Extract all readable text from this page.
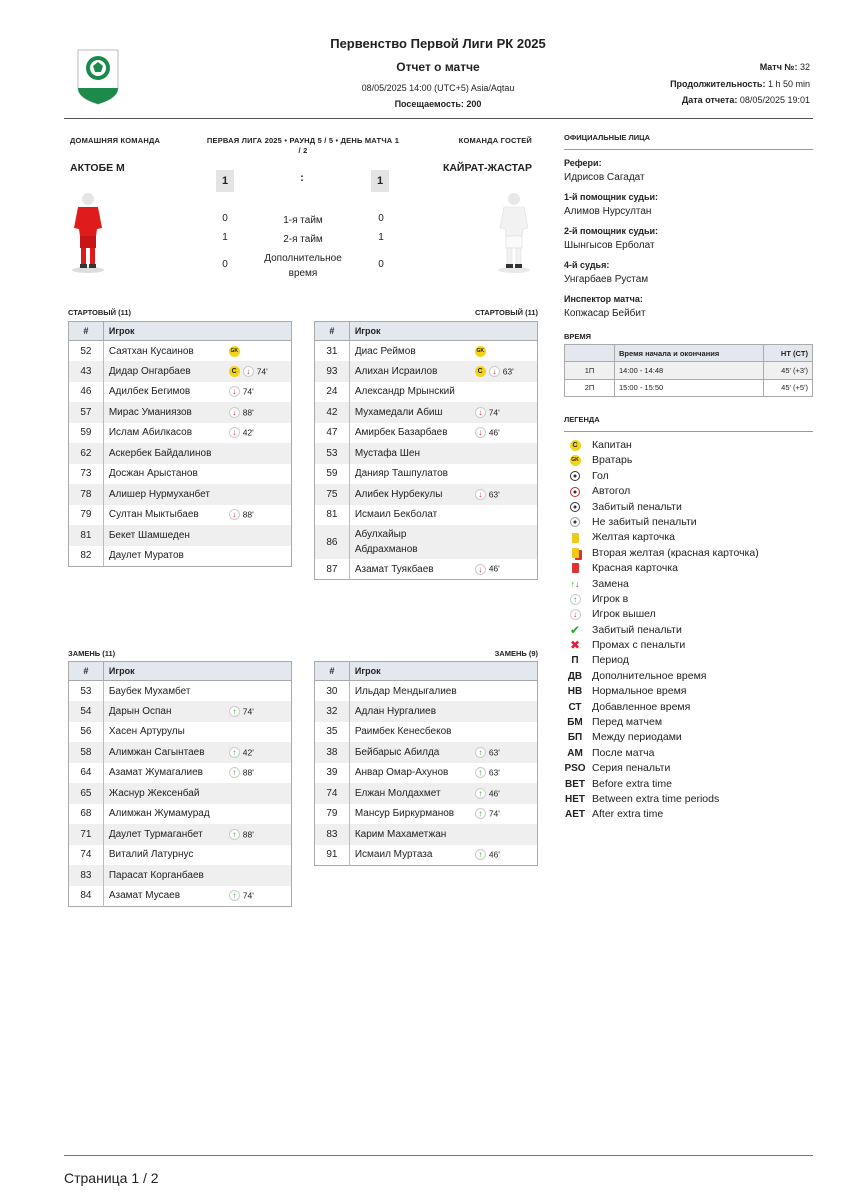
Первенство Первой Лиги РК 2025
Отчет о матче
08/05/2025 14:00 (UTC+5) Asia/Aqtau
Посещаемость: 200
Матч №: 32
Продолжительность: 1 h 50 min
Дата отчета: 08/05/2025 19:01
ДОМАШНЯЯ КОМАНДА	ПЕРВАЯ ЛИГА 2025 • РАУНД 5 / 5 • ДЕНЬ МАТЧА 1 / 2
КОМАНДА ГОСТЕЙ
АКТОБЕ М	КАЙРАТ-ЖАСТАР
1	:	1
0	1-я тайм	0
1	2-я тайм	1
0
Дополнительное время
0
СТАРТОВЫЙ (11)	СТАРТОВЫЙ (11)
#	Игрок	
52	Саятхан Кусаинов	GK
43	Дидар Онгарбаев	C ↓ 74'
46	Адилбек Бегимов	↓ 74'
57	Мирас Уманиязов	↓ 88'
59	Ислам Абилкасов	↓ 42'
62	Аскербек Байдалинов	
73	Досжан Арыстанов	
78	Алишер Нурмуханбет	
79	Султан Мыктыбаев	↓ 88'
81	Бекет Шамшеден	
82	Даулет Муратов	
#	Игрок	
31	Диас Реймов	GK
93	Алихан Исраилов	C ↓ 63'
24	Александр Мрынский	
42	Мухамедали Абиш	↓ 74'
47	Амирбек Базарбаев	↓ 46'
53	Мустафа Шен	
59	Данияр Ташпулатов	
75	Алибек Нурбекулы	↓ 63'
81	Исмаил Бекболат	
86	Абулхайыр Абдрахманов	
87	Азамат Туякбаев	↓ 46'
ЗАМЕНЬ (11)	ЗАМЕНЬ (9)
#	Игрок	
53	Баубек Мухамбет	
54	Дарын Оспан	↑ 74'
56	Хасен Артурулы	
58	Алимжан Сагынтаев	↑ 42'
64	Азамат Жумагалиев	↑ 88'
65	Жаснур Жексенбай	
68	Алимжан Жумамурад	
71	Даулет Турмаганбет	↑ 88'
74	Виталий Латурнус	
83	Парасат Корганбаев	
84	Азамат Мусаев	↑ 74'
#	Игрок	
30	Ильдар Мендыгалиев	
32	Адлан Нургалиев	
35	Раимбек Кенесбеков	
38	Бейбарыс Абилда	↑ 63'
39	Анвар Омар-Ахунов	↑ 63'
74	Елжан Молдахмет	↑ 46'
79	Мансур Биркурманов	↑ 74'
83	Карим Махаметжан	
91	Исмаил Муртаза	↑ 46'
ОФИЦИАЛЬНЫЕ ЛИЦА
Рефери:
Идрисов Сагадат
1-й помощник судьи:
Алимов Нурсултан
2-й помощник судьи:
Шынгысов Ерболат
4-й судья:
Унгарбаев Рустам
Инспектор матча:
Копжасар Бейбит
ВРЕМЯ
	Время начала и окончания	HT (CT)
1П	14:00 - 14:48	45' (+3')
2П	15:00 - 15:50	45' (+5')
ЛЕГЕНДА
C	Капитан
GK	Вратарь
Гол
Автогол
Забитый пенальти
Не забитый пенальти
Желтая карточка
Вторая желтая (красная карточка)
Красная карточка
↑↓	Замена
↑	Игрок в
↓	Игрок вышел
✔	Забитый пенальти
✖	Промах с пенальти
П	Период
ДВ Дополнительное время
НВ Нормальное время
СТ Добавленное время
БМ Перед матчем
БП Между периодами
АМ После матча
PSO Серия пенальти
BET Before extra time
HET Between extra time periods
AET After extra time
Страница 1 / 2
